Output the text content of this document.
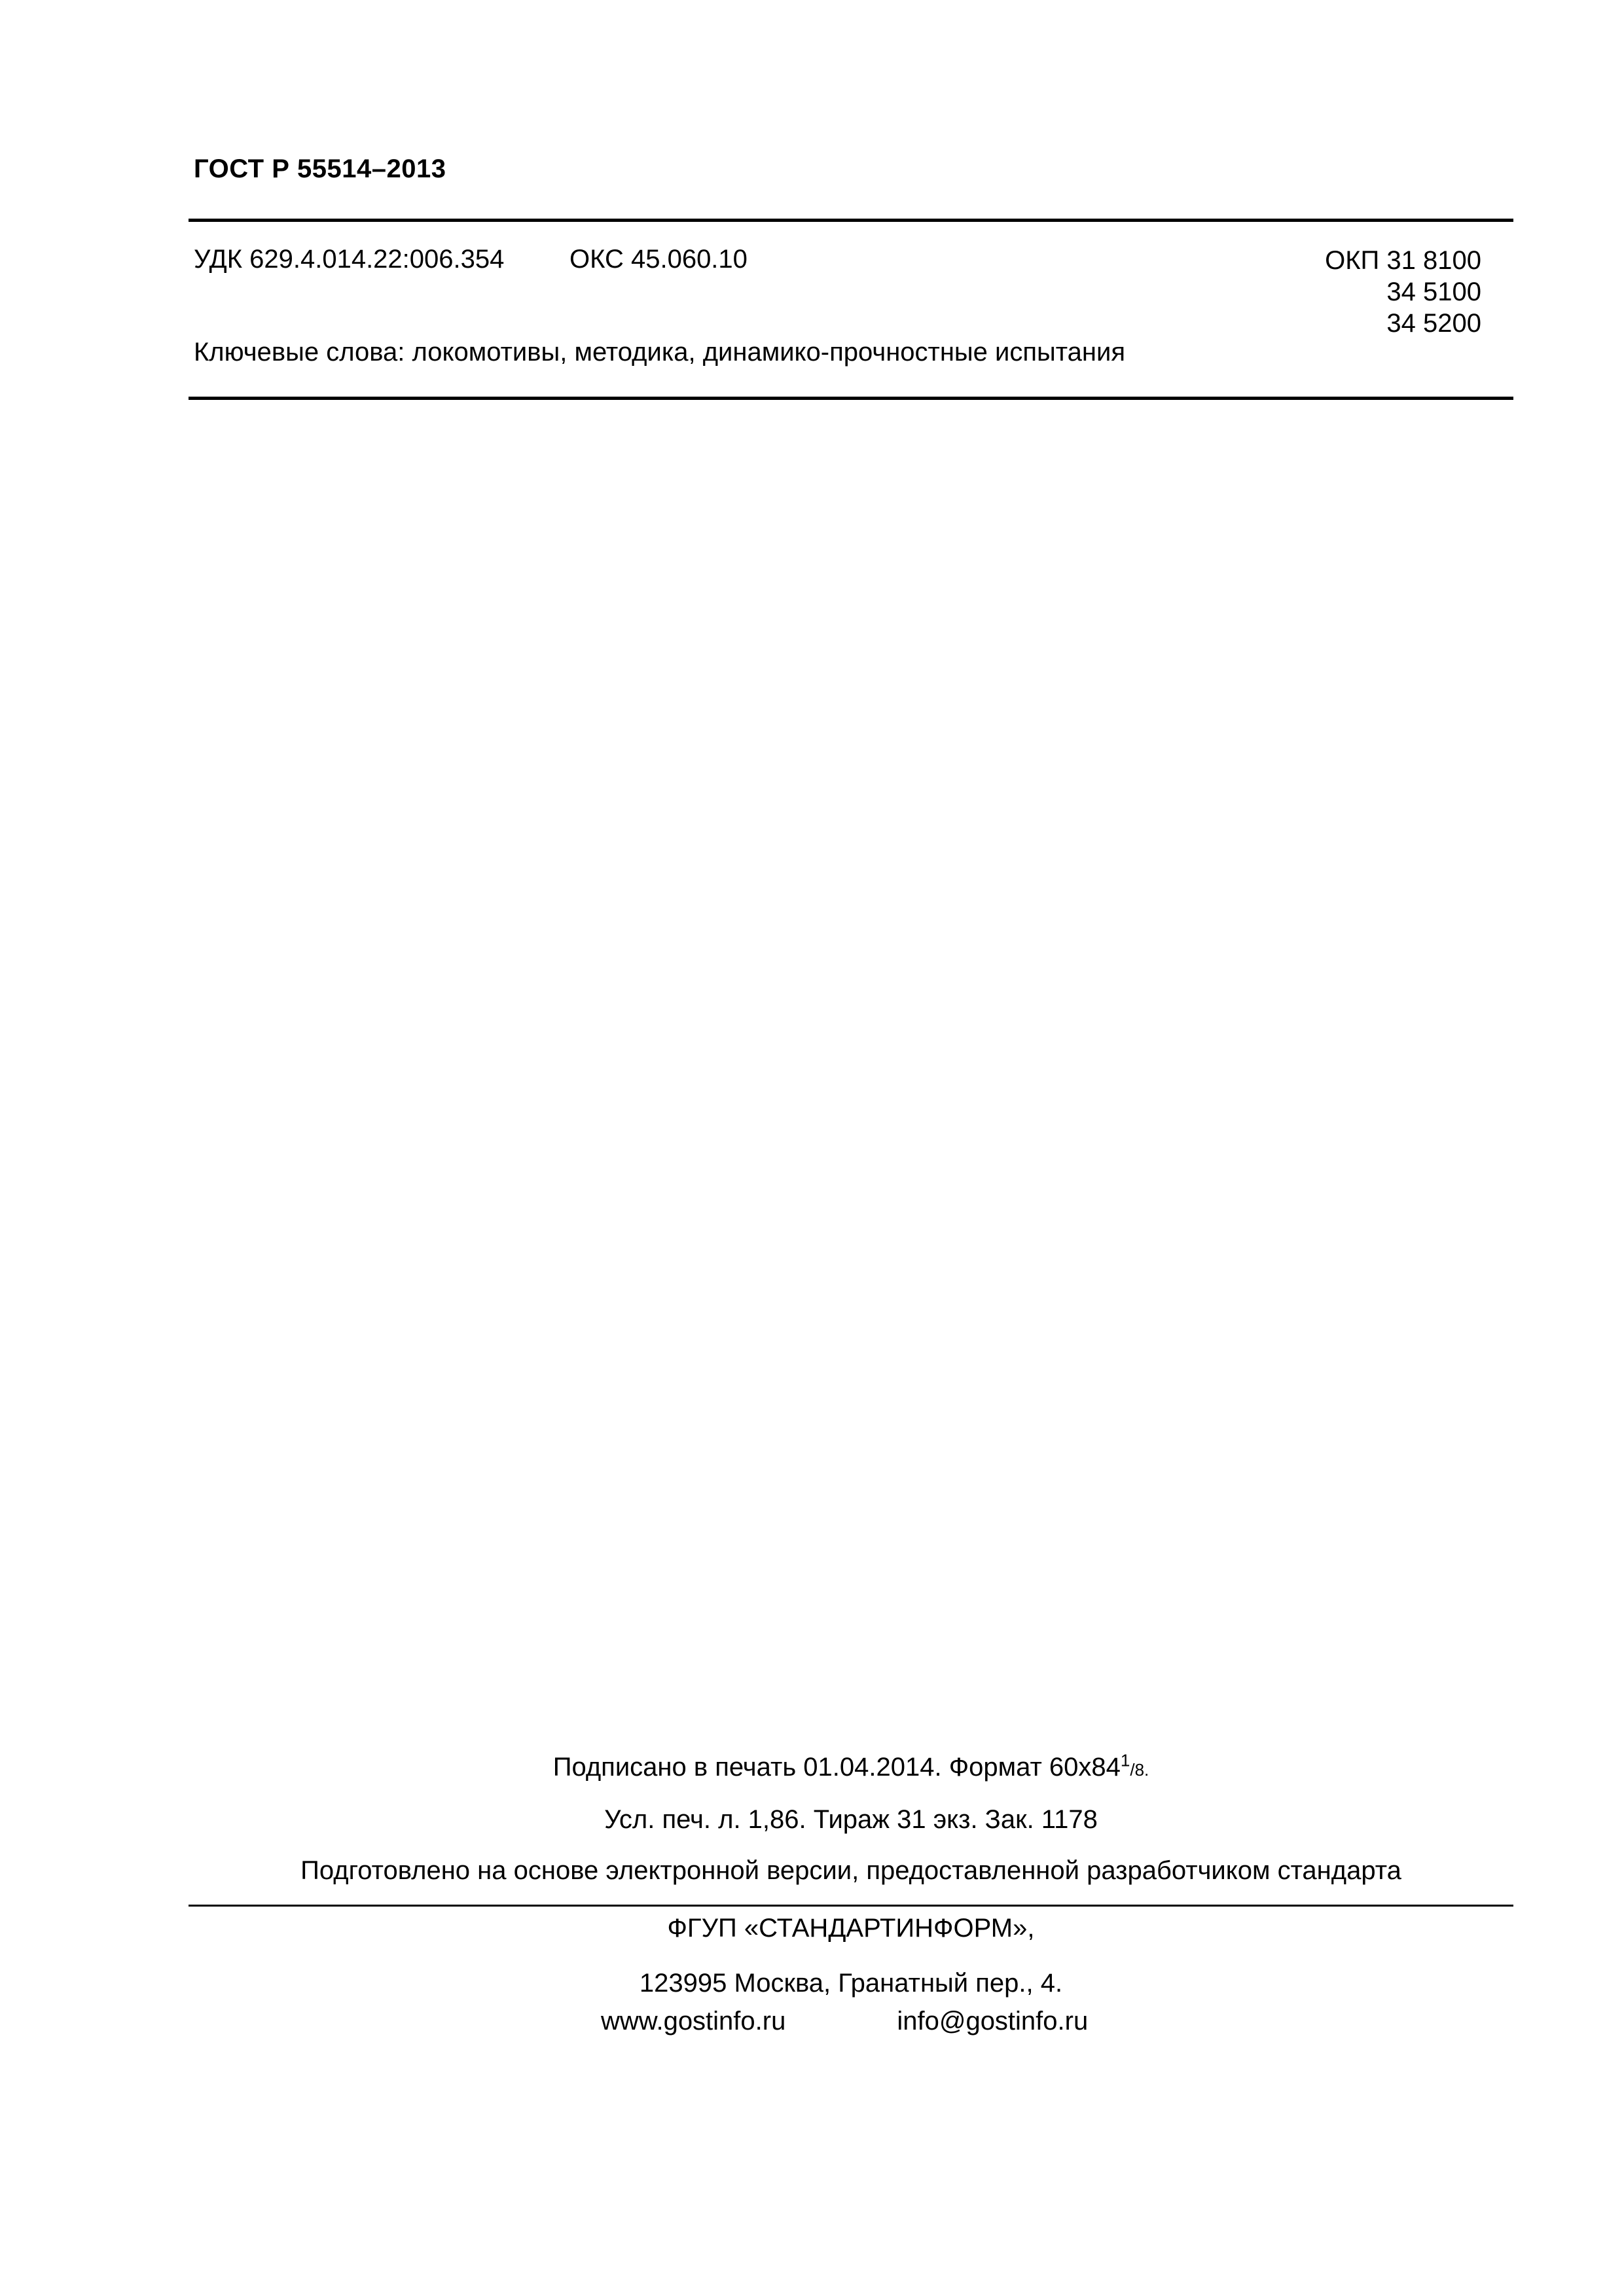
ГОСТ Р 55514–2013
УДК 629.4.014.22:006.354 ОКС 45.060.10	ОКП 31 8100
34 5100
34 5200
Ключевые слова: локомотивы, методика, динамико-прочностные испытания
Подписано в печать 01.04.2014. Формат $60х84^1/8$.
Усл. печ. л. 1,86. Тираж 31 экз. Зак. 1178
Подготовлено на основе электронной версии, предоставленной разработчиком стандарта
ФГУП «СТАНДАРТИНФОРМ»,
123995 Москва, Гранатный пер., 4.
www.gostinfo.ru	info@gostinfo.ru
